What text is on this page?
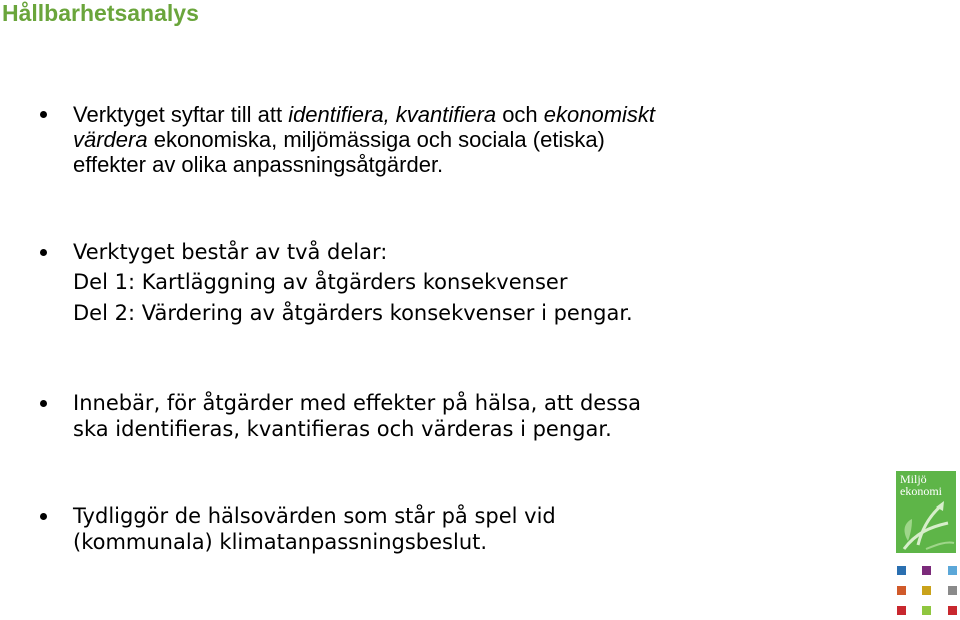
Hållbarhetsanalys
Verktyget syftar till att identifiera, kvantifiera och ekonomiskt värdera ekonomiska, miljömässiga och sociala (etiska) effekter av olika anpassningsåtgärder.
Verktyget består av två delar:
Del 1: Kartläggning av åtgärders konsekvenser
Del 2: Värdering av åtgärders konsekvenser i pengar.
Innebär, för åtgärder med effekter på hälsa, att dessa ska identifieras, kvantifieras och värderas i pengar.
Tydliggör de hälsovärden som står på spel vid (kommunala) klimatanpassningsbeslut.
Miljö
ekonomi
